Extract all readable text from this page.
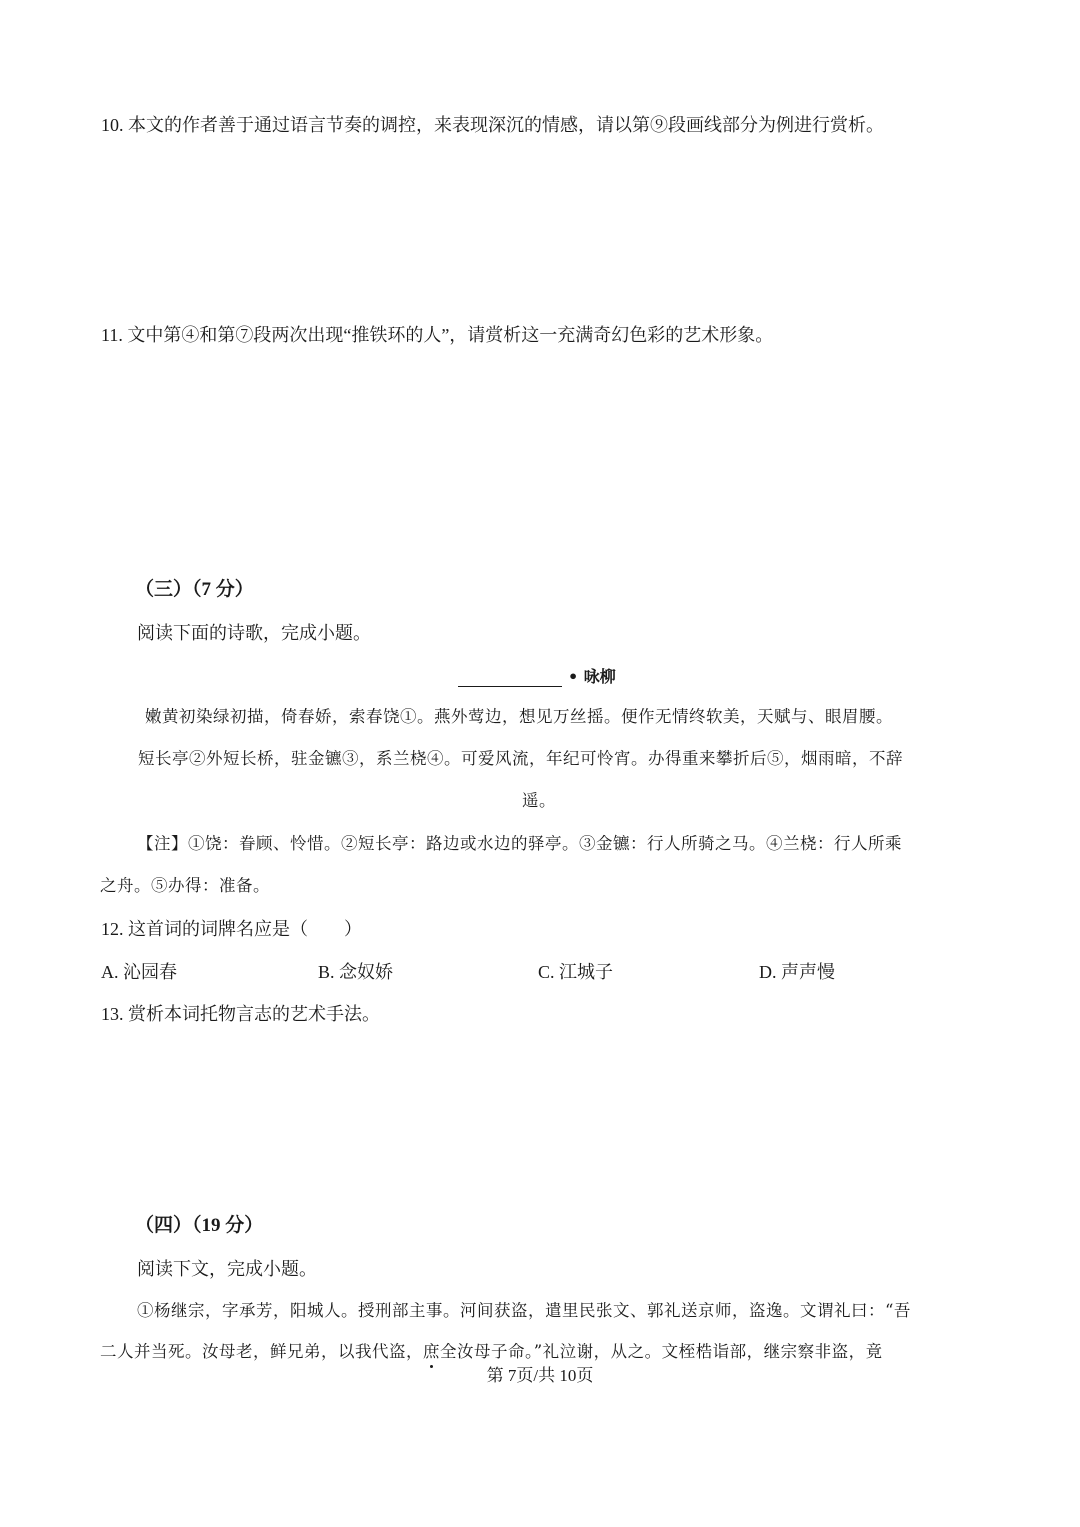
10. 本文的作者善于通过语言节奏的调控，来表现深沉的情感，请以第⑨段画线部分为例进行赏析。
11. 文中第④和第⑦段两次出现“推铁环的人”，请赏析这一充满奇幻色彩的艺术形象。
（三）（7 分）
阅读下面的诗歌，完成小题。
• 咏柳
嫩黄初染绿初描，倚春娇，索春饶①。燕外莺边，想见万丝摇。便作无情终软美，天赋与、眼眉腰。
短长亭②外短长桥，驻金镳③，系兰桡④。可爱风流，年纪可怜宵。办得重来攀折后⑤，烟雨暗，不辞
遥。
【注】①饶：眷顾、怜惜。②短长亭：路边或水边的驿亭。③金镳：行人所骑之马。④兰桡：行人所乘
之舟。⑤办得：准备。
12. 这首词的词牌名应是（　　）
A. 沁园春	B. 念奴娇	C. 江城子	D. 声声慢
13. 赏析本词托物言志的艺术手法。
（四）（19 分）
阅读下文，完成小题。
①杨继宗，字承芳，阳城人。授刑部主事。河间获盗，遣里民张文、郭礼送京师，盗逸。文谓礼曰：“吾
二人并当死。汝母老，鲜兄弟，以我代盗，庶全汝母子命。”礼泣谢，从之。文桎梏诣部，继宗察非盗，竟
第 7页/共 10页
